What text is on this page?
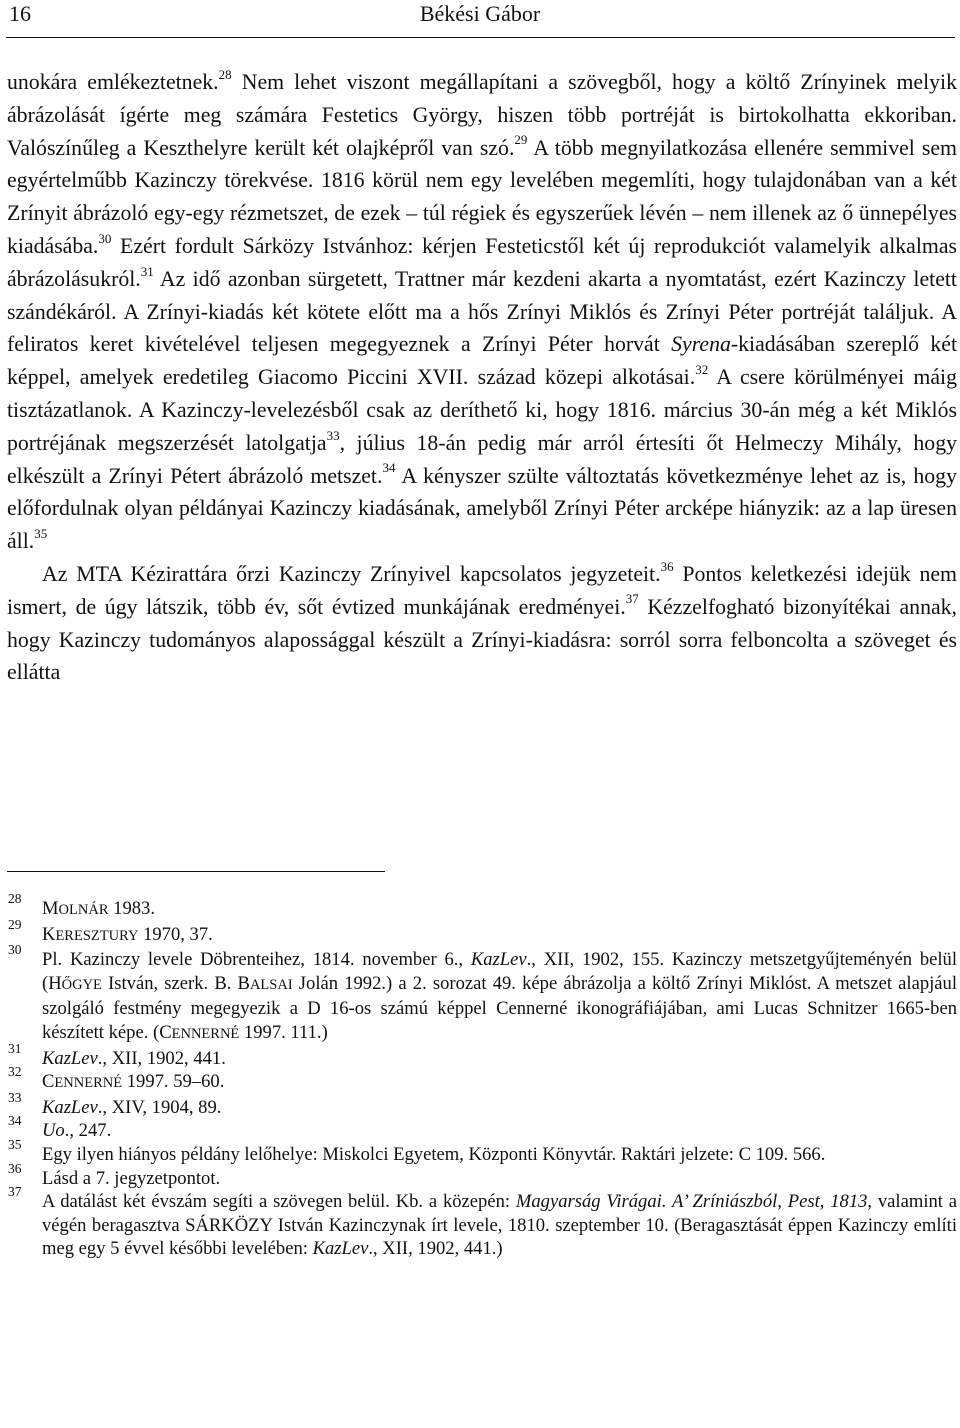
16	Békési Gábor

unokára emlékeztetnek.$^{28}$ Nem lehet viszont megállapítani a szövegből, hogy a költő Zrínyinek melyik ábrázolását ígérte meg számára Festetics György, hiszen több portréját is birtokolhatta ekkoriban. Valószínűleg a Keszthelyre került két olajképről van szó.$^{29}$ A több megnyilatkozása ellenére semmivel sem egyértelműbb Kazinczy törekvése. 1816 körül nem egy levelében megemlíti, hogy tulajdonában van a két Zrínyit ábrázoló egy-egy rézmetszet, de ezek – túl régiek és egyszerűek lévén – nem illenek az ő ünnepélyes kiadásába.$^{30}$ Ezért fordult Sárközy Istvánhoz: kérjen Festeticstől két új reprodukciót valamelyik alkalmas ábrázolásukról.$^{31}$ Az idő azonban sürgetett, Trattner már kezdeni akarta a nyomtatást, ezért Kazinczy letett szándékáról. A Zrínyi-kiadás két kötete előtt ma a hős Zrínyi Miklós és Zrínyi Péter portréját találjuk. A feliratos keret kivételével teljesen megegyeznek a Zrínyi Péter horvát Syrena-kiadásában szereplő két képpel, amelyek eredetileg Giacomo Piccini XVII. század közepi alkotásai.$^{32}$ A csere körülményei máig tisztázatlanok. A Kazinczy-levelezésből csak az deríthető ki, hogy 1816. március 30-án még a két Miklós portréjának megszerzését latolgatja$^{33}$, július 18-án pedig már arról értesíti őt Helmeczy Mihály, hogy elkészült a Zrínyi Pétert ábrázoló metszet.$^{34}$ A kényszer szülte változtatás következménye lehet az is, hogy előfordulnak olyan példányai Kazinczy kiadásának, amelyből Zrínyi Péter arcképe hiányzik: az a lap üresen áll.$^{35}$

Az MTA Kézirattára őrzi Kazinczy Zrínyivel kapcsolatos jegyzeteit.$^{36}$ Pontos keletkezési idejük nem ismert, de úgy látszik, több év, sőt évtized munkájának eredményei.$^{37}$ Kézzelfogható bizonyítékai annak, hogy Kazinczy tudományos alapossággal készült a Zrínyi-kiadásra: sorról sorra felboncolta a szöveget és ellátta

28 MOLNÁR 1983.

29 KERESZTURY 1970, 37.

30 Pl. Kazinczy levele Döbrenteihez, 1814. november 6., KazLev., XII, 1902, 155. Kazinczy metszetgyűjteményén belül (HŐGYE István, szerk. B. BALSAI Jolán 1992.) a 2. sorozat 49. képe ábrázolja a költő Zrínyi Miklóst. A metszet alapjául szolgáló festmény megegyezik a D 16-os számú képpel Cennerné ikonográfiájában, ami Lucas Schnitzer 1665-ben készített képe. (CENNERNÉ 1997. 111.)

31 KazLev., XII, 1902, 441.

32 CENNERNÉ 1997. 59–60.

33 KazLev., XIV, 1904, 89.

34 Uo., 247.

35 Egy ilyen hiányos példány lelőhelye: Miskolci Egyetem, Központi Könyvtár. Raktári jelzete: C 109. 566.

36 Lásd a 7. jegyzetpontot.

37 A datálást két évszám segíti a szövegen belül. Kb. a közepén: Magyarság Virágai. A’ Zríniászból, Pest, 1813, valamint a végén beragasztva SÁRKÖZY István Kazinczynak írt levele, 1810. szeptember 10. (Beragasztását éppen Kazinczy említi meg egy 5 évvel későbbi levelében: KazLev., XII, 1902, 441.)
